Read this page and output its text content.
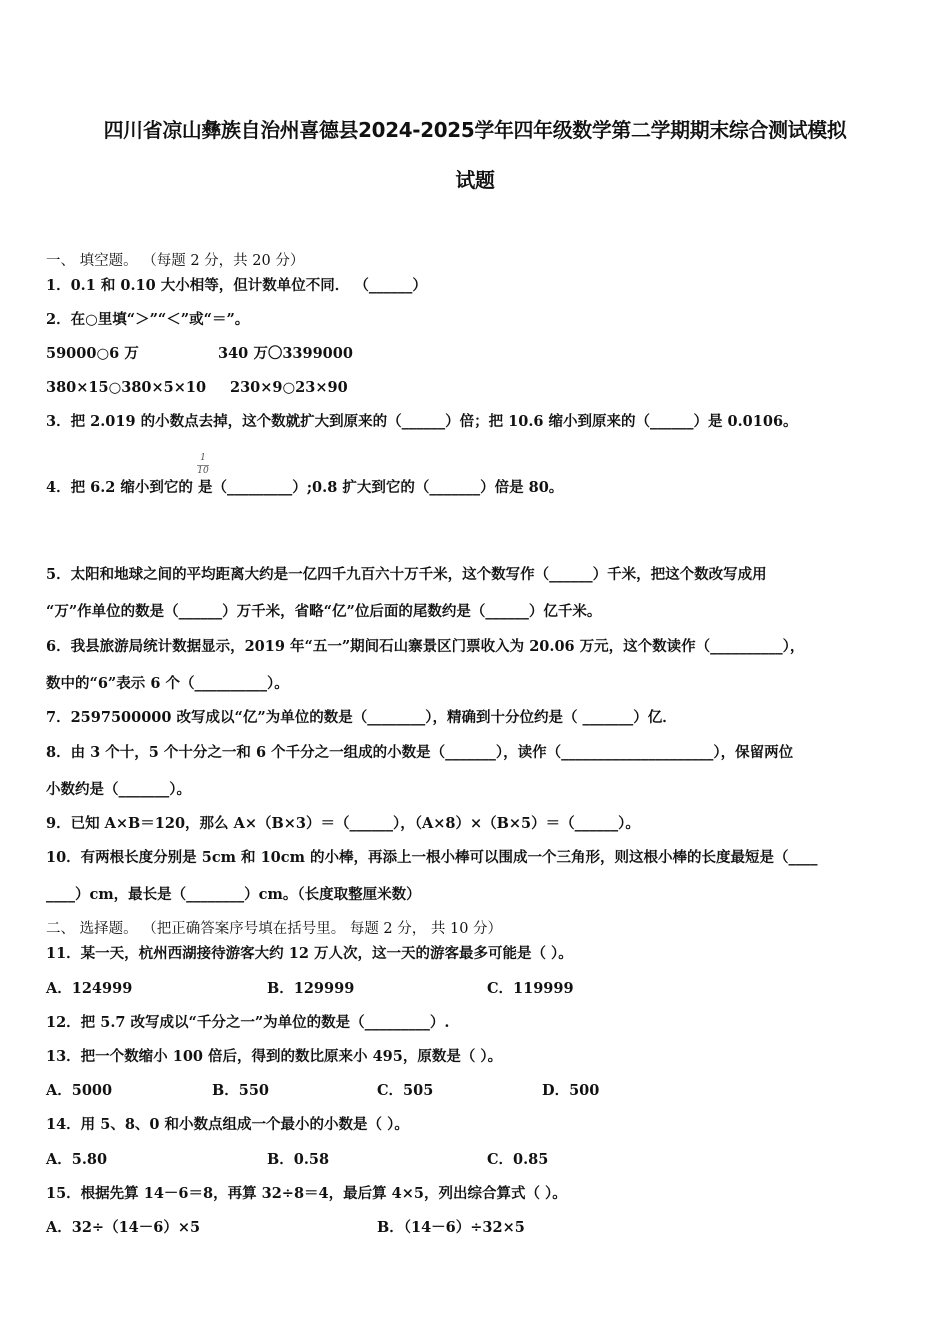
四川省凉山彝族自治州喜德县2024-2025学年四年级数学第二学期期末综合测试模拟
试题
一、 填空题。 （每题 2 分，共 20 分）
1．0.1 和 0.10 大小相等，但计数单位不同． （______）
2．在○里填“＞”“＜”或“＝”。
59000○6 万	340 万〇3399000
380×15○380×5×10 230×9○23×90
3．把 2.019 的小数点去掉，这个数就扩大到原来的（______）倍；把 10.6 缩小到原来的（______）是 0.0106。
1
10
4．把 6.2 缩小到它的 是（_________）;0.8 扩大到它的（_______）倍是 80。
5．太阳和地球之间的平均距离大约是一亿四千九百六十万千米，这个数写作（______）千米，把这个数改写成用
“万”作单位的数是（______）万千米，省略“亿”位后面的尾数约是（______）亿千米。
6．我县旅游局统计数据显示，2019 年“五一”期间石山寨景区门票收入为 20.06 万元，这个数读作（__________），
数中的“6”表示 6 个（__________）。
7．2597500000 改写成以“亿”为单位的数是（________），精确到十分位约是（ _______）亿．
8．由 3 个十，5 个十分之一和 6 个千分之一组成的小数是（_______），读作（_____________________），保留两位
小数约是（_______）。
9．已知 A×B＝120，那么 A×（B×3）＝（______），（A×8）×（B×5）＝（______）。
10．有两根长度分别是 5cm 和 10cm 的小棒，再添上一根小棒可以围成一个三角形，则这根小棒的长度最短是（____
____）cm，最长是（________）cm。（长度取整厘米数）
二、 选择题。 （把正确答案序号填在括号里。 每题 2 分， 共 10 分）
11．某一天，杭州西湖接待游客大约 12 万人次，这一天的游客最多可能是（ ）。
A．124999	B．129999	C．119999
12．把 5.7 改写成以“千分之一”为单位的数是（_________）.
13．把一个数缩小 100 倍后，得到的数比原来小 495，原数是（ ）。
A．5000	B．550	C．505	D．500
14．用 5、8、0 和小数点组成一个最小的小数是（ ）。
A．5.80	B．0.58	C．0.85
15．根据先算 14－6＝8，再算 32÷8＝4，最后算 4×5，列出综合算式（ ）。
A．32÷（14－6）×5	B．（14－6）÷32×5
